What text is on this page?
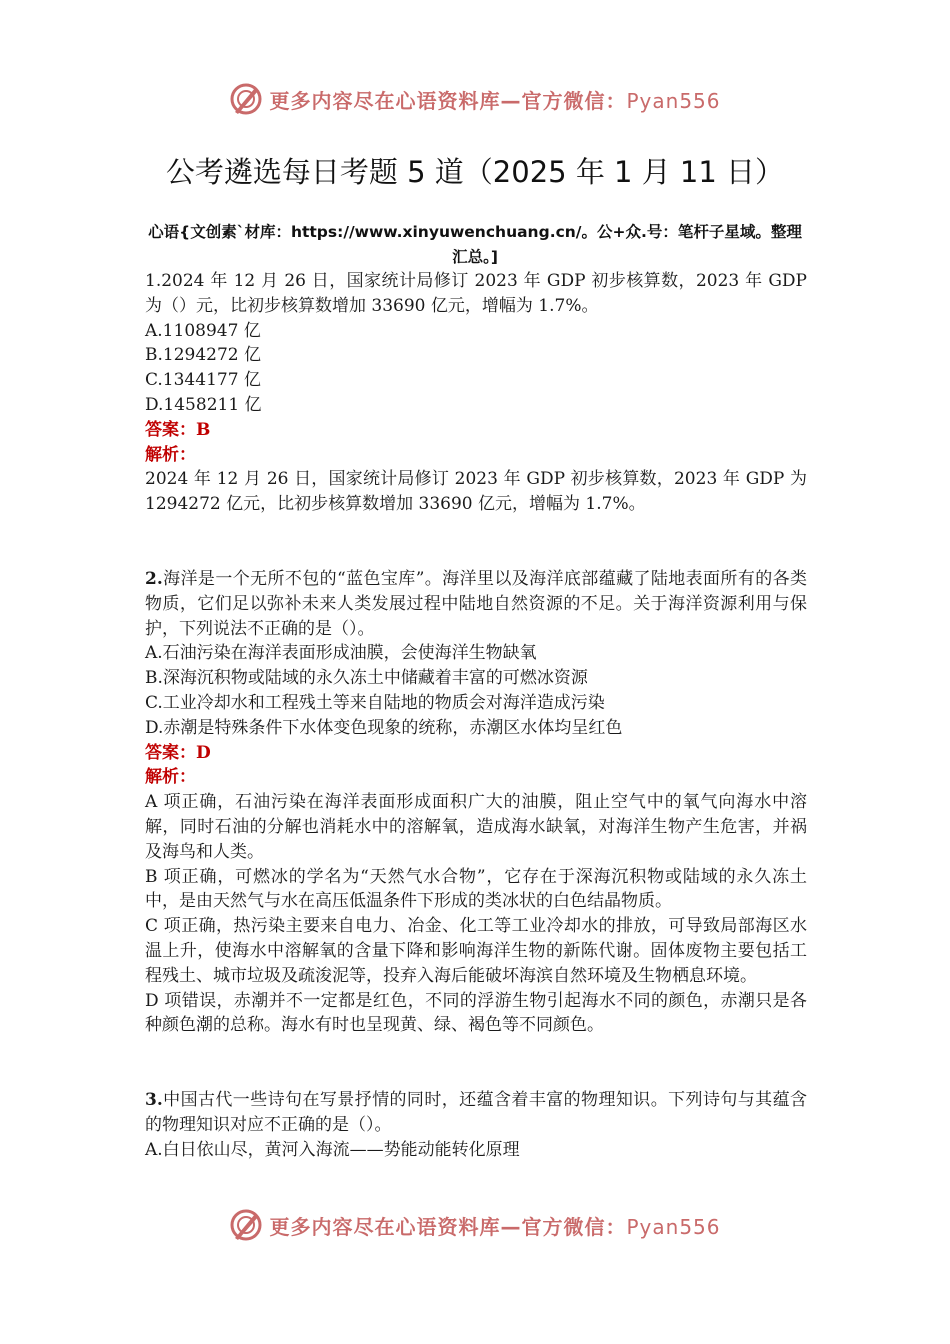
更多内容尽在心语资料库—官方微信：Pyan556
公考遴选每日考题 5 道（2025 年 1 月 11 日）
心语{文创素`材库：https://www.xinyuwenchuang.cn/。公+众.号：笔杆子星域。整理汇总。]

1.2024 年 12 月 26 日，国家统计局修订 2023 年 GDP 初步核算数，2023 年 GDP 为（）元，比初步核算数增加 33690 亿元，增幅为 1.7%。

A.1108947 亿

B.1294272 亿

C.1344177 亿

D.1458211 亿

答案：B

解析：

2024 年 12 月 26 日，国家统计局修订 2023 年 GDP 初步核算数，2023 年 GDP 为 1294272 亿元，比初步核算数增加 33690 亿元，增幅为 1.7%。

2.海洋是一个无所不包的“蓝色宝库”。海洋里以及海洋底部蕴藏了陆地表面所有的各类物质，它们足以弥补未来人类发展过程中陆地自然资源的不足。关于海洋资源利用与保护，下列说法不正确的是（）。

A.石油污染在海洋表面形成油膜，会使海洋生物缺氧

B.深海沉积物或陆域的永久冻土中储藏着丰富的可燃冰资源

C.工业冷却水和工程残土等来自陆地的物质会对海洋造成污染

D.赤潮是特殊条件下水体变色现象的统称，赤潮区水体均呈红色

答案：D

解析：

A 项正确，石油污染在海洋表面形成面积广大的油膜，阻止空气中的氧气向海水中溶解，同时石油的分解也消耗水中的溶解氧，造成海水缺氧，对海洋生物产生危害，并祸及海鸟和人类。

B 项正确，可燃冰的学名为“天然气水合物”，它存在于深海沉积物或陆域的永久冻土中，是由天然气与水在高压低温条件下形成的类冰状的白色结晶物质。

C 项正确，热污染主要来自电力、冶金、化工等工业冷却水的排放，可导致局部海区水温上升，使海水中溶解氧的含量下降和影响海洋生物的新陈代谢。固体废物主要包括工程残土、城市垃圾及疏浚泥等，投弃入海后能破坏海滨自然环境及生物栖息环境。

D 项错误，赤潮并不一定都是红色，不同的浮游生物引起海水不同的颜色，赤潮只是各种颜色潮的总称。海水有时也呈现黄、绿、褐色等不同颜色。

3.中国古代一些诗句在写景抒情的同时，还蕴含着丰富的物理知识。下列诗句与其蕴含的物理知识对应不正确的是（）。

A.白日依山尽，黄河入海流——势能动能转化原理

更多内容尽在心语资料库—官方微信：Pyan556
